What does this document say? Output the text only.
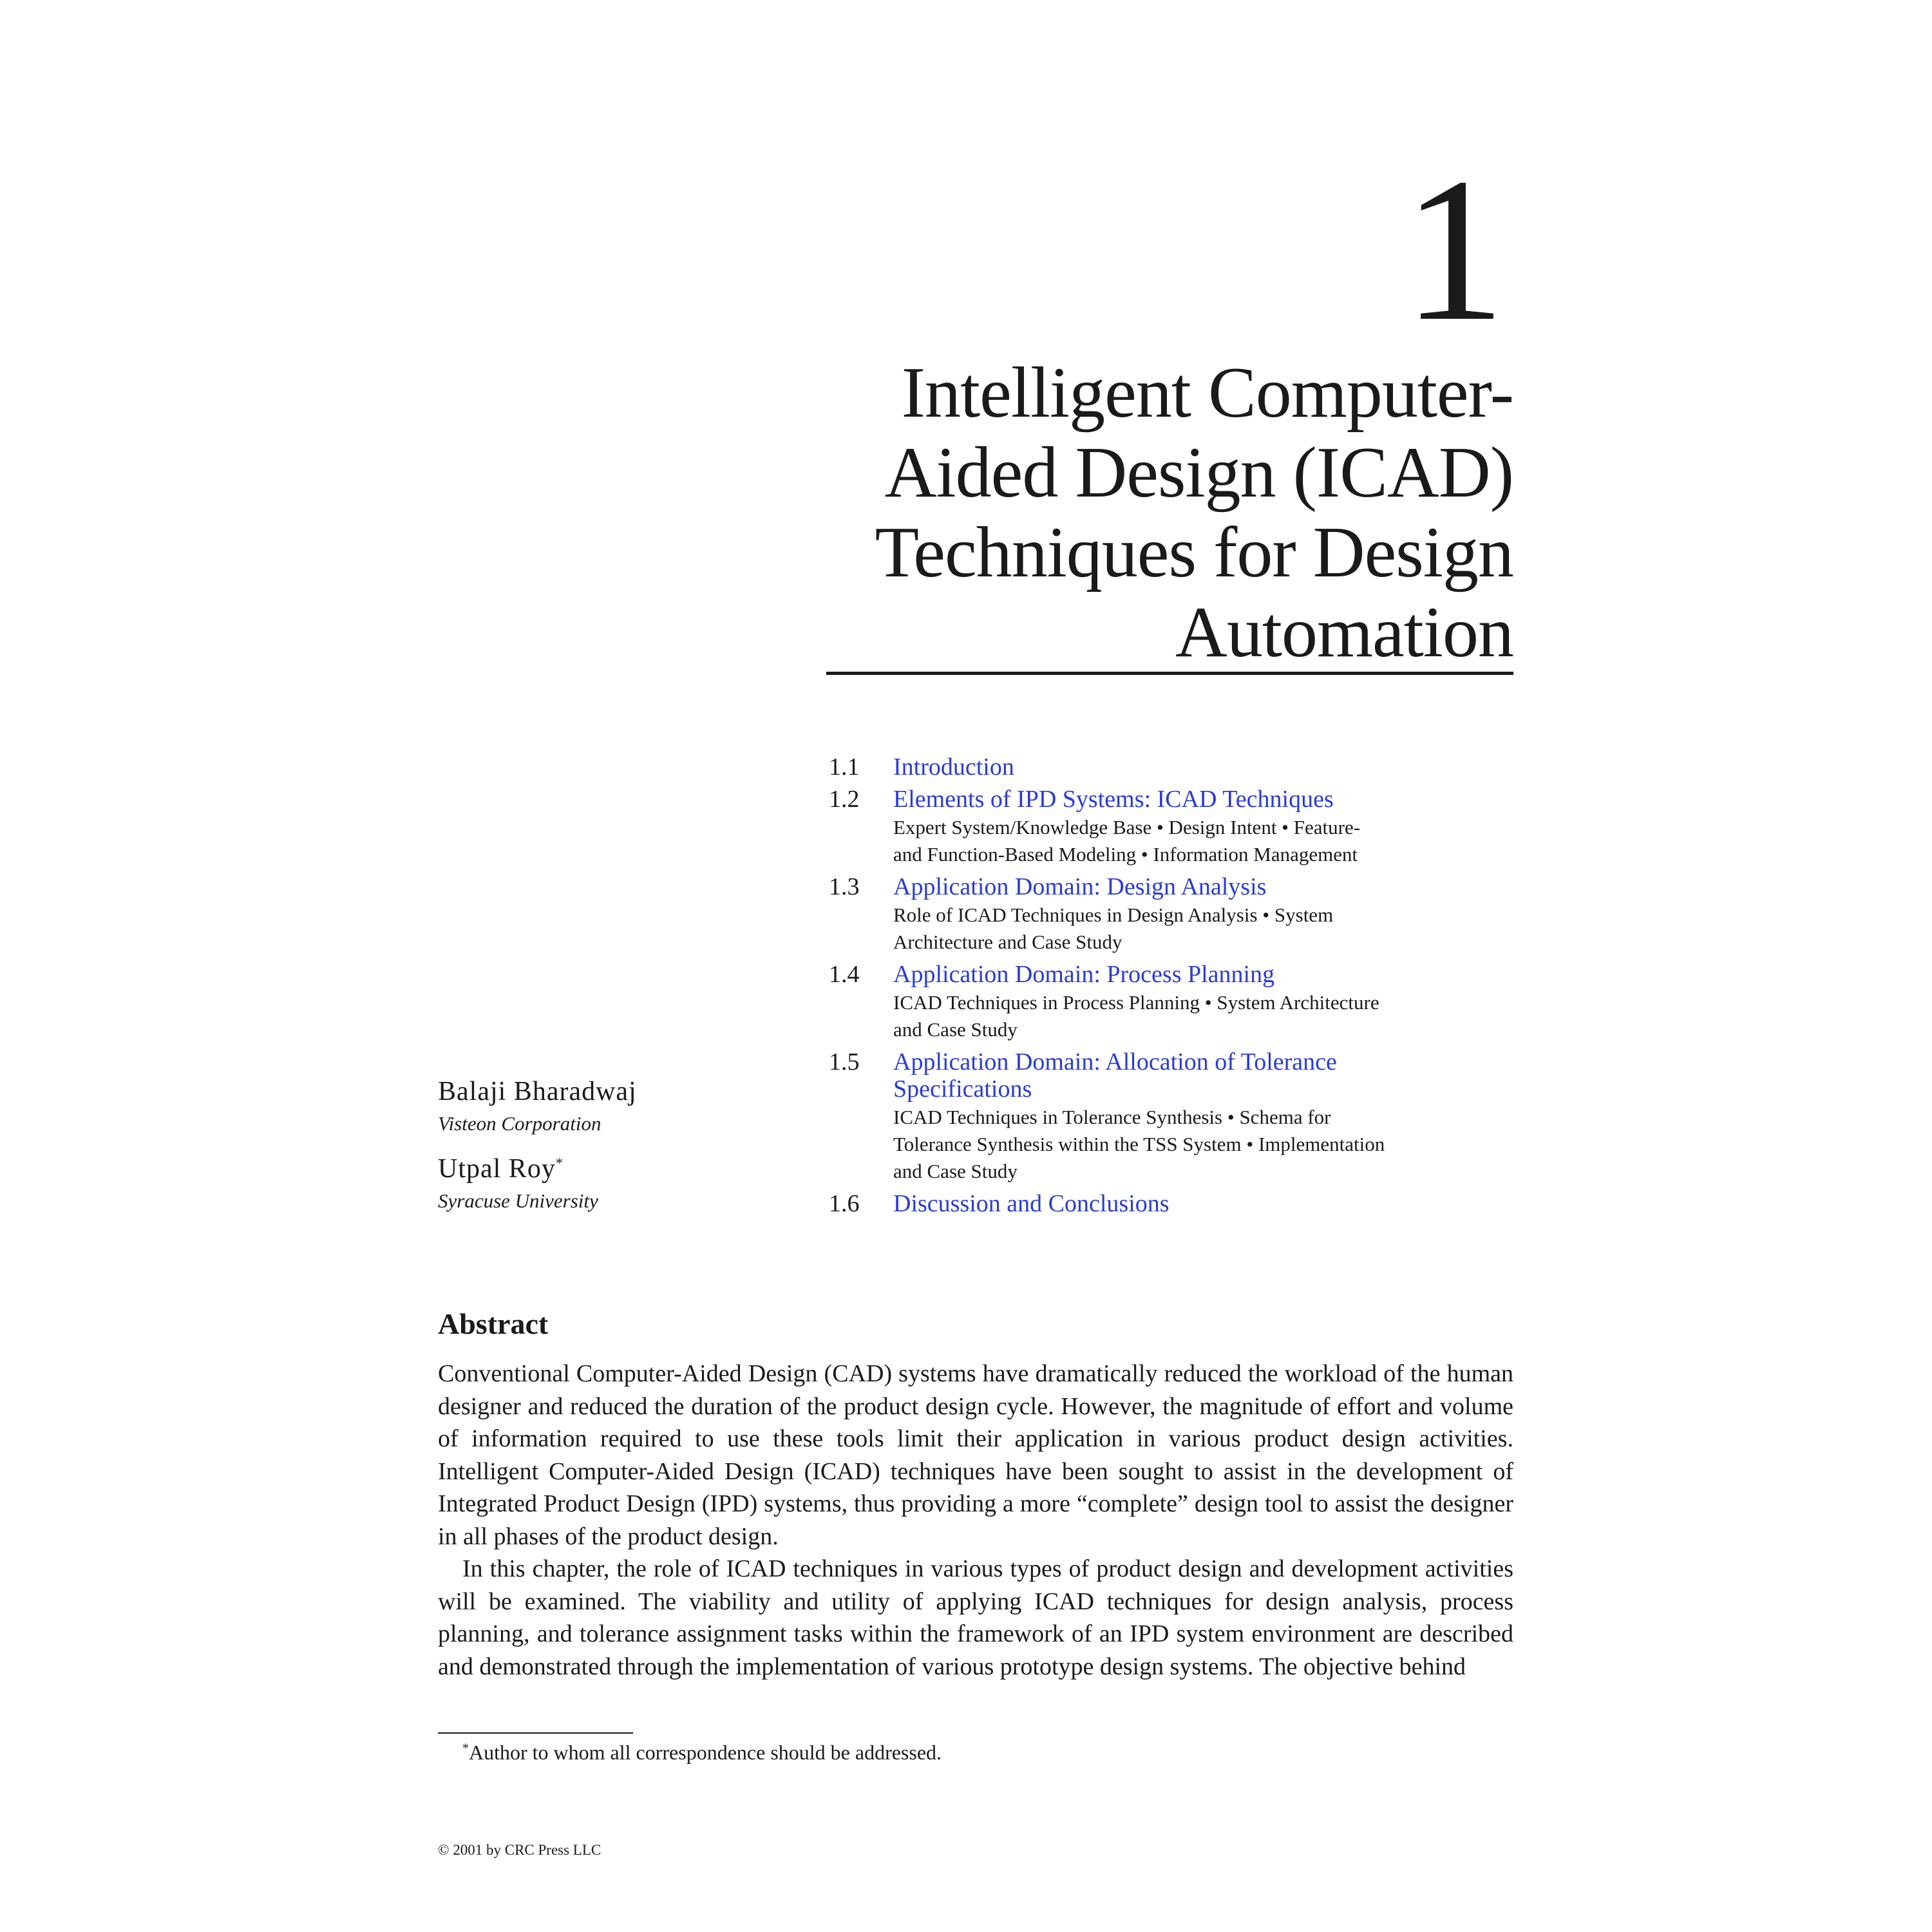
1
Intelligent Computer-
Aided Design (ICAD)
Techniques for Design
Automation
1.1	Introduction
1.2	Elements of IPD Systems: ICAD Techniques
Expert System/Knowledge Base • Design Intent • Feature-
and Function-Based Modeling • Information Management
1.3	Application Domain: Design Analysis
Role of ICAD Techniques in Design Analysis • System
Architecture and Case Study
1.4	Application Domain: Process Planning
ICAD Techniques in Process Planning • System Architecture
and Case Study
1.5	Application Domain: Allocation of Tolerance
Specifications
ICAD Techniques in Tolerance Synthesis • Schema for
Tolerance Synthesis within the TSS System • Implementation
and Case Study
1.6	Discussion and Conclusions

Balaji Bharadwaj

Visteon Corporation

Utpal Roy*

Syracuse University

Abstract

Conventional Computer-Aided Design (CAD) systems have dramatically reduced the workload of the human designer and reduced the duration of the product design cycle. However, the magnitude of effort and volume of information required to use these tools limit their application in various product design activities. Intelligent Computer-Aided Design (ICAD) techniques have been sought to assist in the development of Integrated Product Design (IPD) systems, thus providing a more “complete” design tool to assist the designer in all phases of the product design.

In this chapter, the role of ICAD techniques in various types of product design and development activities will be examined. The viability and utility of applying ICAD techniques for design analysis, process planning, and tolerance assignment tasks within the framework of an IPD system environment are described and demonstrated through the implementation of various prototype design systems. The objective behind

*Author to whom all correspondence should be addressed.

© 2001 by CRC Press LLC
